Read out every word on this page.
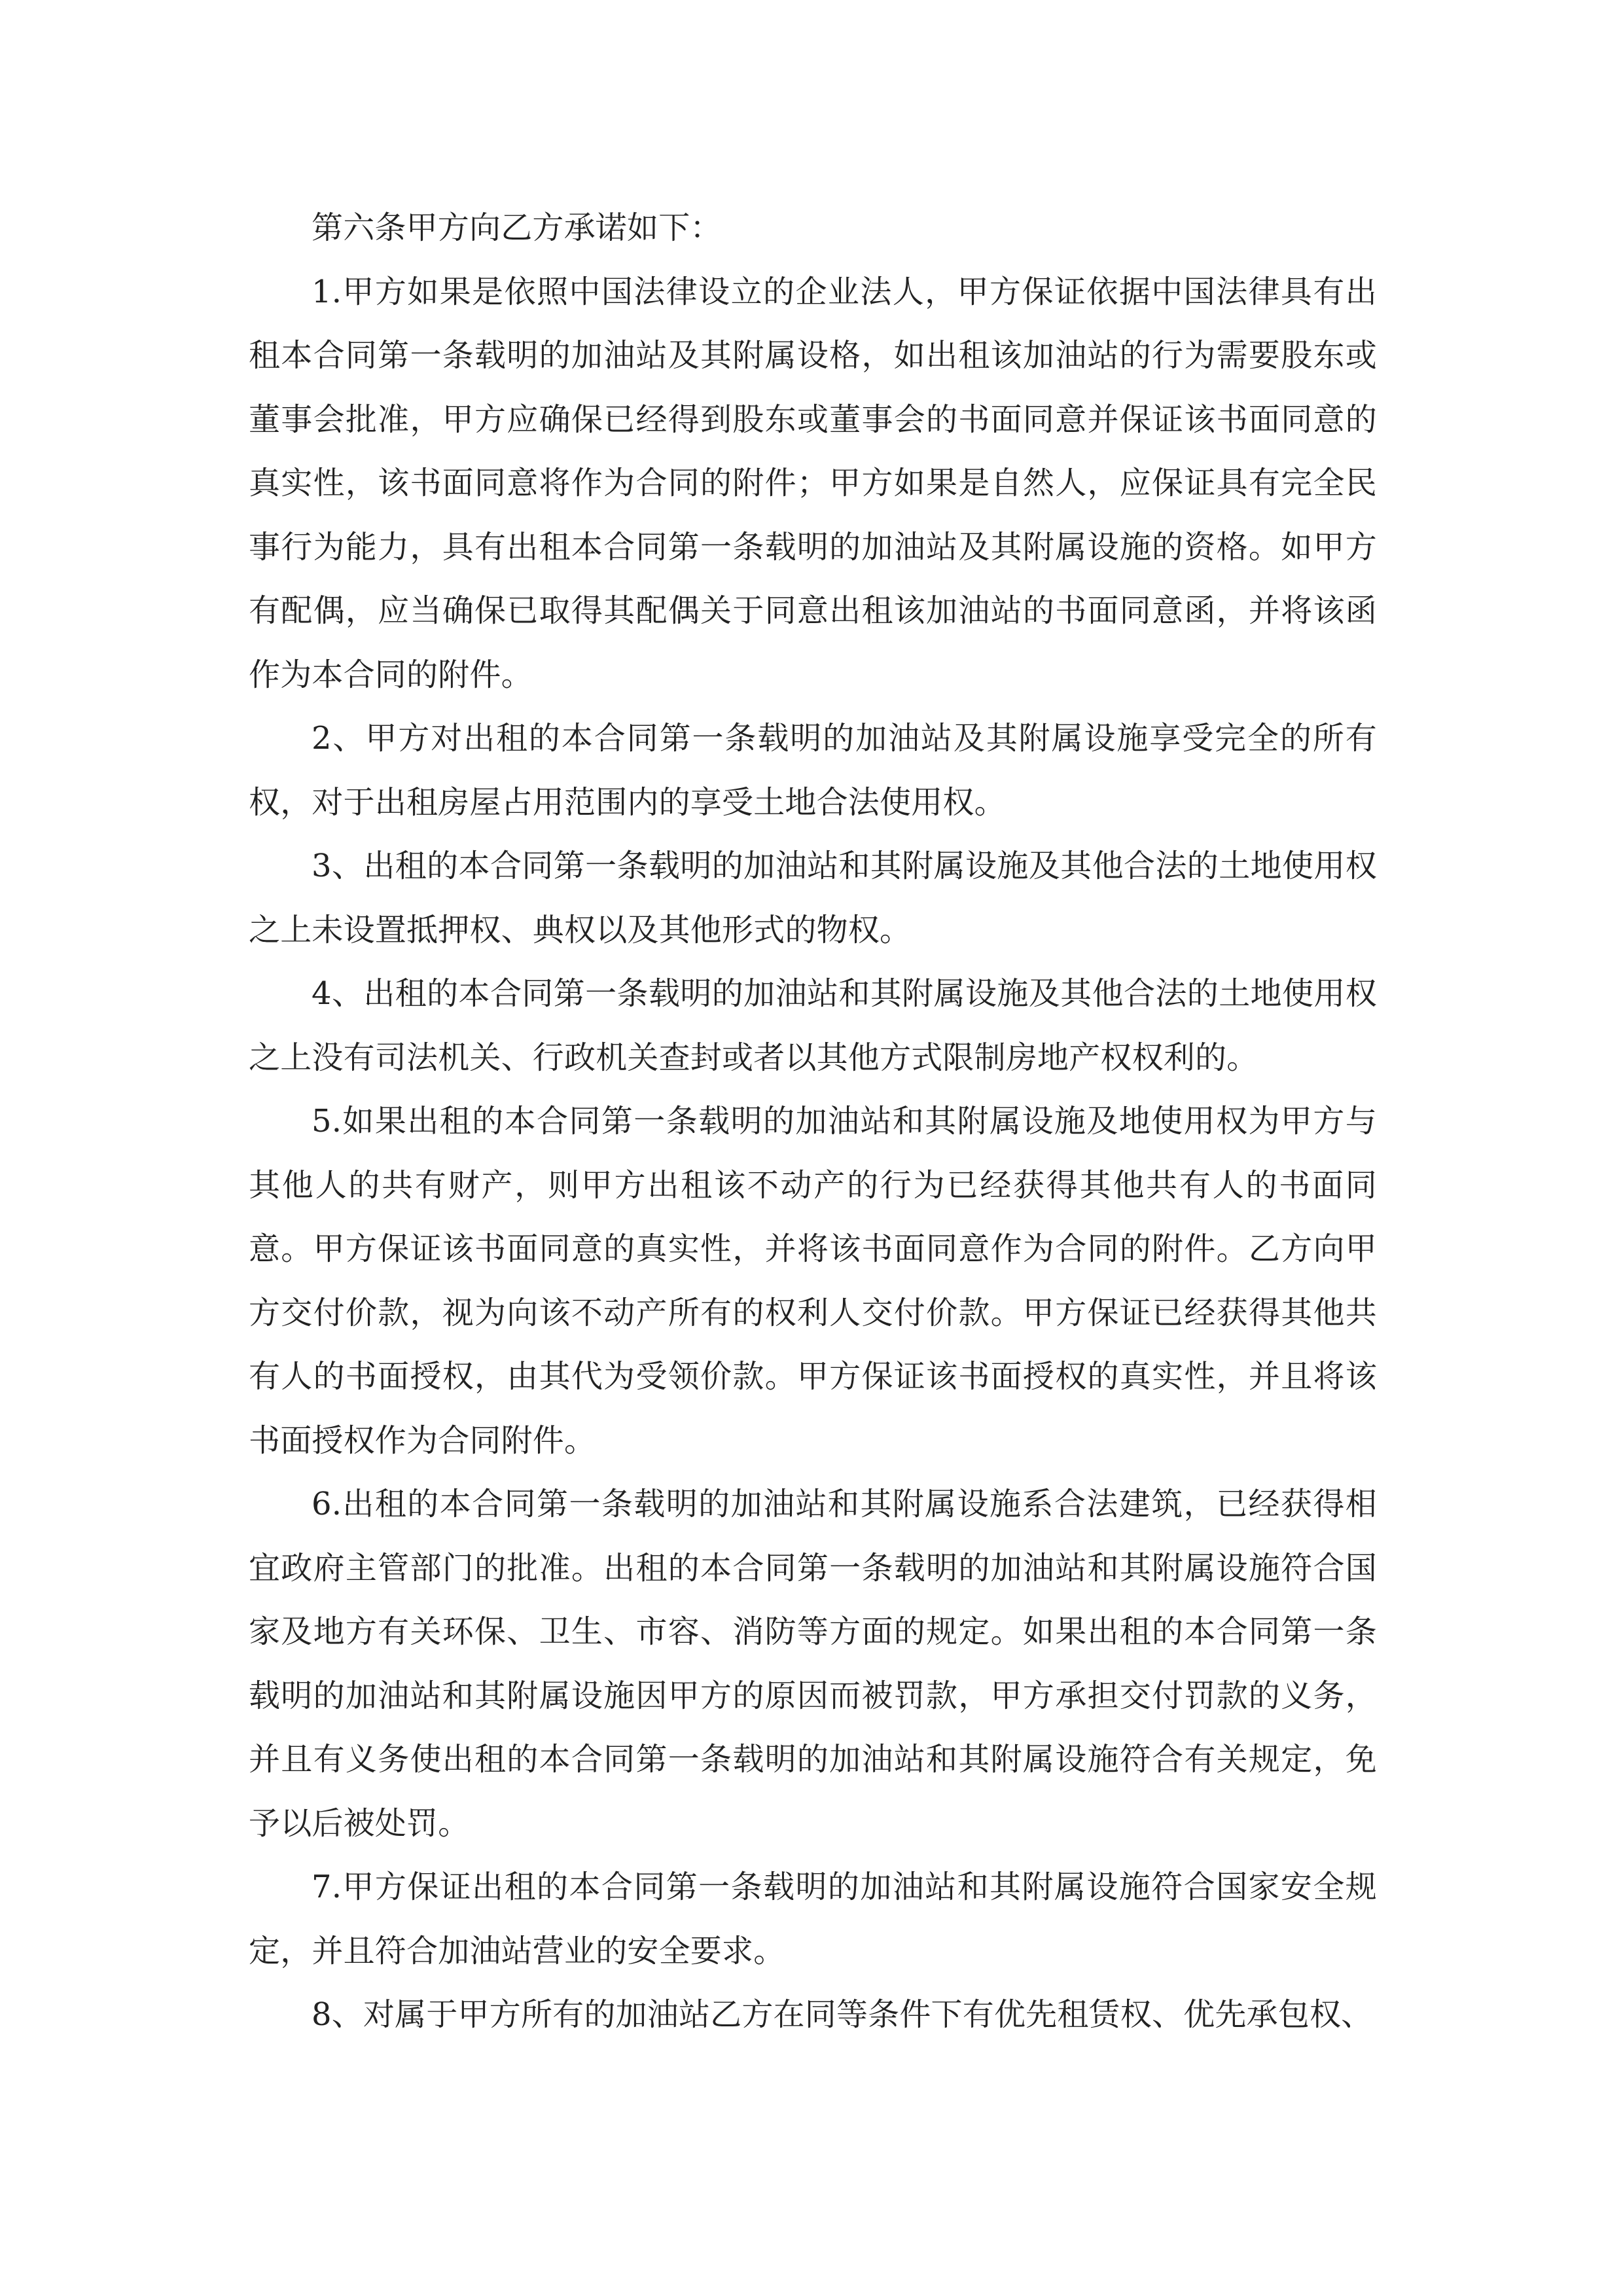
第六条甲方向乙方承诺如下：

1.甲方如果是依照中国法律设立的企业法人，甲方保证依据中国法律具有出租本合同第一条载明的加油站及其附属设格，如出租该加油站的行为需要股东或董事会批准，甲方应确保已经得到股东或董事会的书面同意并保证该书面同意的真实性，该书面同意将作为合同的附件；甲方如果是自然人，应保证具有完全民事行为能力，具有出租本合同第一条载明的加油站及其附属设施的资格。如甲方有配偶，应当确保已取得其配偶关于同意出租该加油站的书面同意函，并将该函作为本合同的附件。

2、甲方对出租的本合同第一条载明的加油站及其附属设施享受完全的所有权，对于出租房屋占用范围内的享受土地合法使用权。

3、出租的本合同第一条载明的加油站和其附属设施及其他合法的土地使用权之上未设置抵押权、典权以及其他形式的物权。

4、出租的本合同第一条载明的加油站和其附属设施及其他合法的土地使用权之上没有司法机关、行政机关查封或者以其他方式限制房地产权权利的。

5.如果出租的本合同第一条载明的加油站和其附属设施及地使用权为甲方与其他人的共有财产，则甲方出租该不动产的行为已经获得其他共有人的书面同意。甲方保证该书面同意的真实性，并将该书面同意作为合同的附件。乙方向甲方交付价款，视为向该不动产所有的权利人交付价款。甲方保证已经获得其他共有人的书面授权，由其代为受领价款。甲方保证该书面授权的真实性，并且将该书面授权作为合同附件。

6.出租的本合同第一条载明的加油站和其附属设施系合法建筑，已经获得相宜政府主管部门的批准。出租的本合同第一条载明的加油站和其附属设施符合国家及地方有关环保、卫生、市容、消防等方面的规定。如果出租的本合同第一条载明的加油站和其附属设施因甲方的原因而被罚款，甲方承担交付罚款的义务，并且有义务使出租的本合同第一条载明的加油站和其附属设施符合有关规定，免予以后被处罚。

7.甲方保证出租的本合同第一条载明的加油站和其附属设施符合国家安全规定，并且符合加油站营业的安全要求。

8、对属于甲方所有的加油站乙方在同等条件下有优先租赁权、优先承包权、
